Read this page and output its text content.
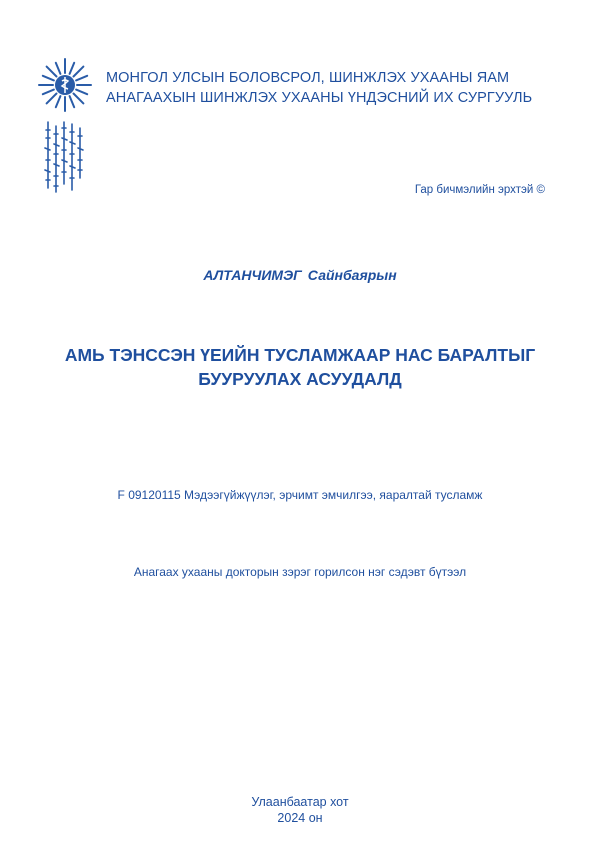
МОНГОЛ УЛСЫН БОЛОВСРОЛ, ШИНЖЛЭХ УХААНЫ ЯАМ
АНАГААХЫН ШИНЖЛЭХ УХААНЫ ҮНДЭСНИЙ ИХ СУРГУУЛЬ
Гар бичмэлийн эрхтэй ©
АЛТАНЧИМЭГ Сайнбаярын
АМЬ ТЭНССЭН ҮЕИЙН ТУСЛАМЖААР НАС БАРАЛТЫГ
БУУРУУЛАХ АСУУДАЛД
F 09120115 Мэдээгүйжүүлэг, эрчимт эмчилгээ, яаралтай тусламж
Анагаах ухааны докторын зэрэг горилсон нэг сэдэвт бүтээл
Улаанбаатар хот
2024 он
